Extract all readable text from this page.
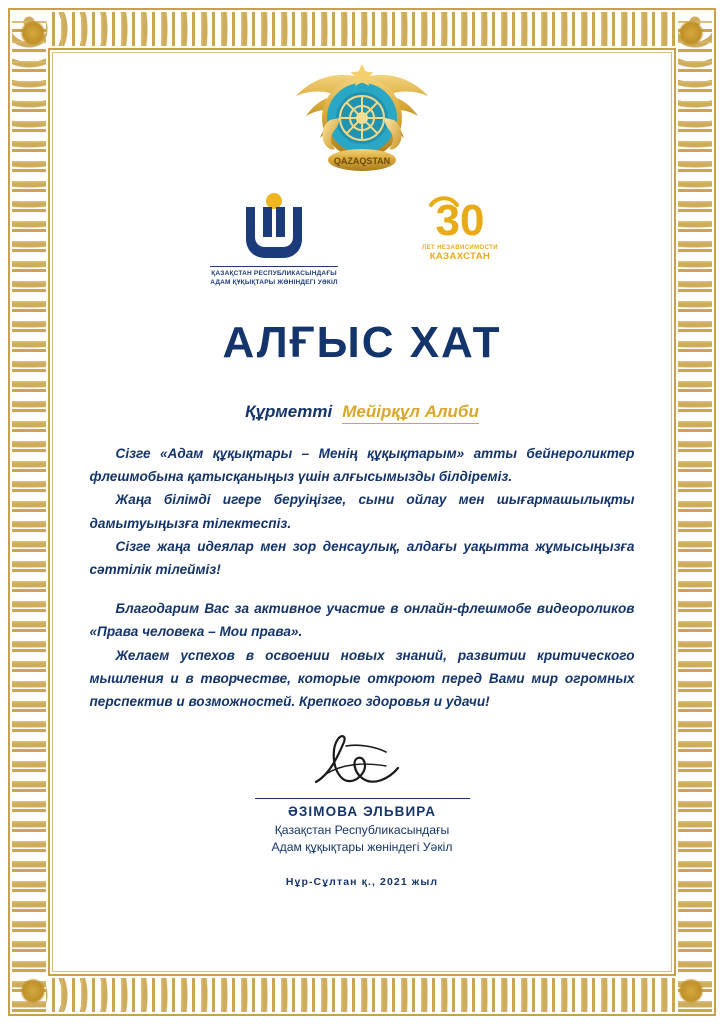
QAZAQSTAN
ҚАЗАҚСТАН РЕСПУБЛИКАСЫНДАҒЫ
АДАМ ҚҰҚЫҚТАРЫ ЖӨНІНДЕГІ УӘКІЛ
30
ЛЕТ НЕЗАВИСИМОСТИ
КАЗАХСТАН
АЛҒЫС ХАТ
Құрметті Мейірқұл Алиби

Сізге «Адам құқықтары – Менің құқықтарым» атты бейнероликтер флешмобына қатысқаныңыз үшін алғысымызды білдіреміз.

Жаңа білімді игере беруіңізге, сыни ойлау мен шығармашылықты дамытуыңызға тілектеспіз.

Сізге жаңа идеялар мен зор денсаулық, алдағы уақытта жұмысыңызға сәттілік тілейміз!

Благодарим Вас за активное участие в онлайн-флешмобе видеороликов «Права человека – Мои права».

Желаем успехов в освоении новых знаний, развитии критического мышления и в творчестве, которые откроют перед Вами мир огромных перспектив и возможностей. Крепкого здоровья и удачи!

ӘЗІМОВА ЭЛЬВИРА
Қазақстан Республикасындағы
Адам құқықтары жөніндегі Уәкіл
Нұр-Сұлтан қ., 2021 жыл
